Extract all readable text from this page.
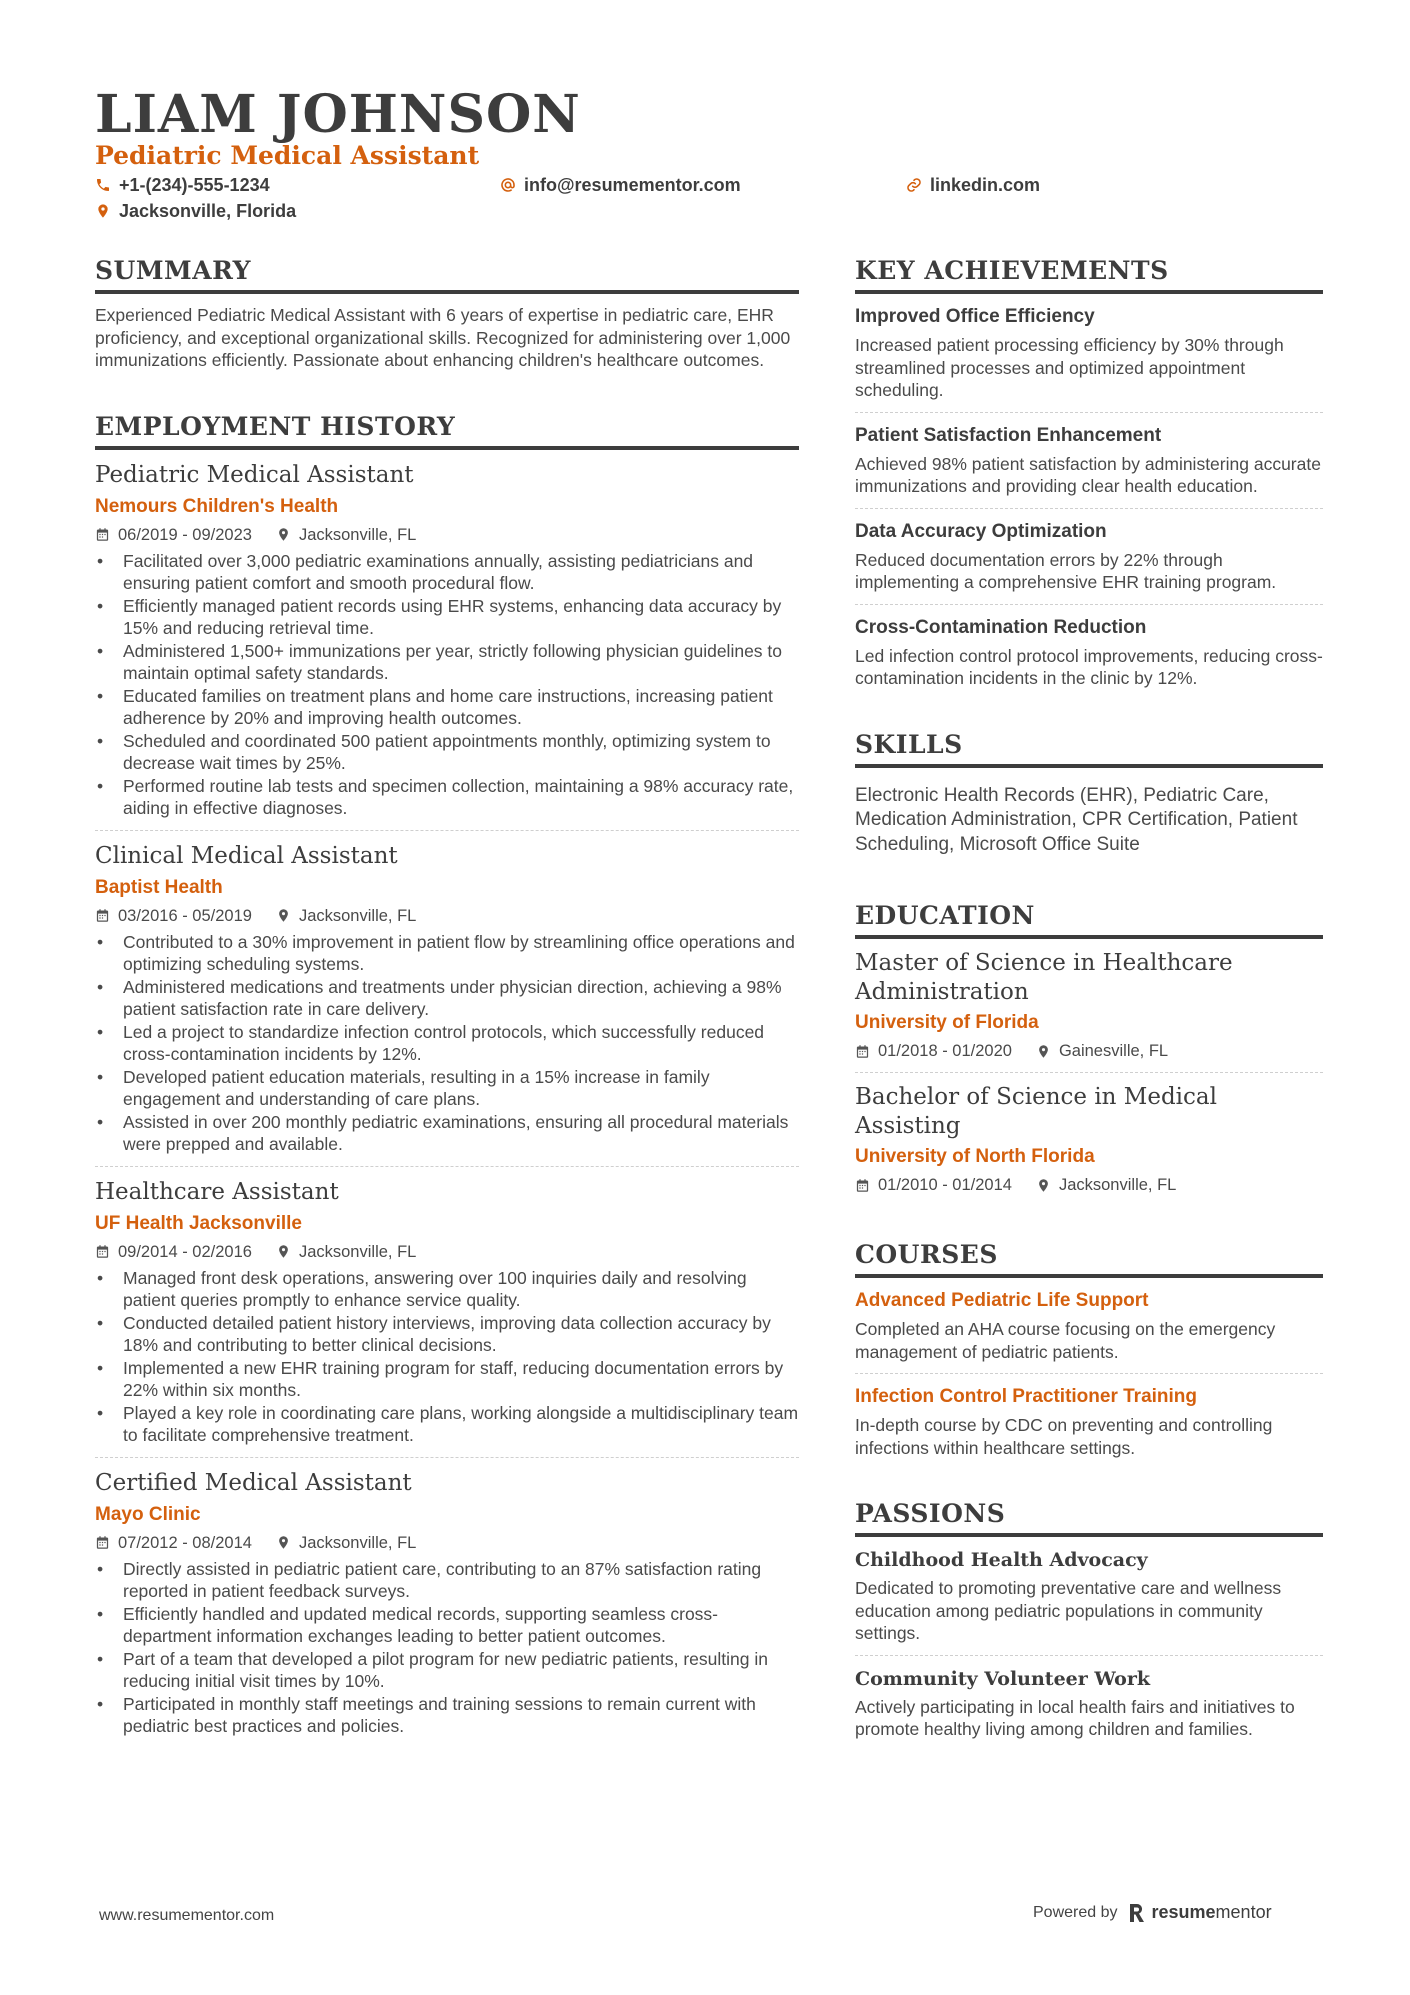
LIAM JOHNSON
Pediatric Medical Assistant
+1-(234)-555-1234	info@resumementor.com	linkedin.com
Jacksonville, Florida
SUMMARY
Experienced Pediatric Medical Assistant with 6 years of expertise in pediatric care, EHR proficiency, and exceptional organizational skills. Recognized for administering over 1,000 immunizations efficiently. Passionate about enhancing children's healthcare outcomes.
EMPLOYMENT HISTORY
Pediatric Medical Assistant
Nemours Children's Health
06/2019 - 09/2023	Jacksonville, FL
• Facilitated over 3,000 pediatric examinations annually, assisting pediatricians and ensuring patient comfort and smooth procedural flow.
• Efficiently managed patient records using EHR systems, enhancing data accuracy by 15% and reducing retrieval time.
• Administered 1,500+ immunizations per year, strictly following physician guidelines to maintain optimal safety standards.
• Educated families on treatment plans and home care instructions, increasing patient adherence by 20% and improving health outcomes.
• Scheduled and coordinated 500 patient appointments monthly, optimizing system to decrease wait times by 25%.
• Performed routine lab tests and specimen collection, maintaining a 98% accuracy rate, aiding in effective diagnoses.
Clinical Medical Assistant
Baptist Health
03/2016 - 05/2019	Jacksonville, FL
• Contributed to a 30% improvement in patient flow by streamlining office operations and optimizing scheduling systems.
• Administered medications and treatments under physician direction, achieving a 98% patient satisfaction rate in care delivery.
• Led a project to standardize infection control protocols, which successfully reduced cross-contamination incidents by 12%.
• Developed patient education materials, resulting in a 15% increase in family engagement and understanding of care plans.
• Assisted in over 200 monthly pediatric examinations, ensuring all procedural materials were prepped and available.
Healthcare Assistant
UF Health Jacksonville
09/2014 - 02/2016	Jacksonville, FL
• Managed front desk operations, answering over 100 inquiries daily and resolving patient queries promptly to enhance service quality.
• Conducted detailed patient history interviews, improving data collection accuracy by 18% and contributing to better clinical decisions.
• Implemented a new EHR training program for staff, reducing documentation errors by 22% within six months.
• Played a key role in coordinating care plans, working alongside a multidisciplinary team to facilitate comprehensive treatment.
Certified Medical Assistant
Mayo Clinic
07/2012 - 08/2014	Jacksonville, FL
• Directly assisted in pediatric patient care, contributing to an 87% satisfaction rating reported in patient feedback surveys.
• Efficiently handled and updated medical records, supporting seamless cross-department information exchanges leading to better patient outcomes.
• Part of a team that developed a pilot program for new pediatric patients, resulting in reducing initial visit times by 10%.
• Participated in monthly staff meetings and training sessions to remain current with pediatric best practices and policies.
KEY ACHIEVEMENTS
Improved Office Efficiency
Increased patient processing efficiency by 30% through streamlined processes and optimized appointment scheduling.
Patient Satisfaction Enhancement
Achieved 98% patient satisfaction by administering accurate immunizations and providing clear health education.
Data Accuracy Optimization
Reduced documentation errors by 22% through implementing a comprehensive EHR training program.
Cross-Contamination Reduction
Led infection control protocol improvements, reducing cross-contamination incidents in the clinic by 12%.
SKILLS
Electronic Health Records (EHR), Pediatric Care, Medication Administration, CPR Certification, Patient Scheduling, Microsoft Office Suite
EDUCATION
Master of Science in Healthcare Administration
University of Florida
01/2018 - 01/2020	Gainesville, FL
Bachelor of Science in Medical Assisting
University of North Florida
01/2010 - 01/2014	Jacksonville, FL
COURSES
Advanced Pediatric Life Support
Completed an AHA course focusing on the emergency management of pediatric patients.
Infection Control Practitioner Training
In-depth course by CDC on preventing and controlling infections within healthcare settings.
PASSIONS
Childhood Health Advocacy
Dedicated to promoting preventative care and wellness education among pediatric populations in community settings.
Community Volunteer Work
Actively participating in local health fairs and initiatives to promote healthy living among children and families.
www.resumementor.com	Powered by resumementor
